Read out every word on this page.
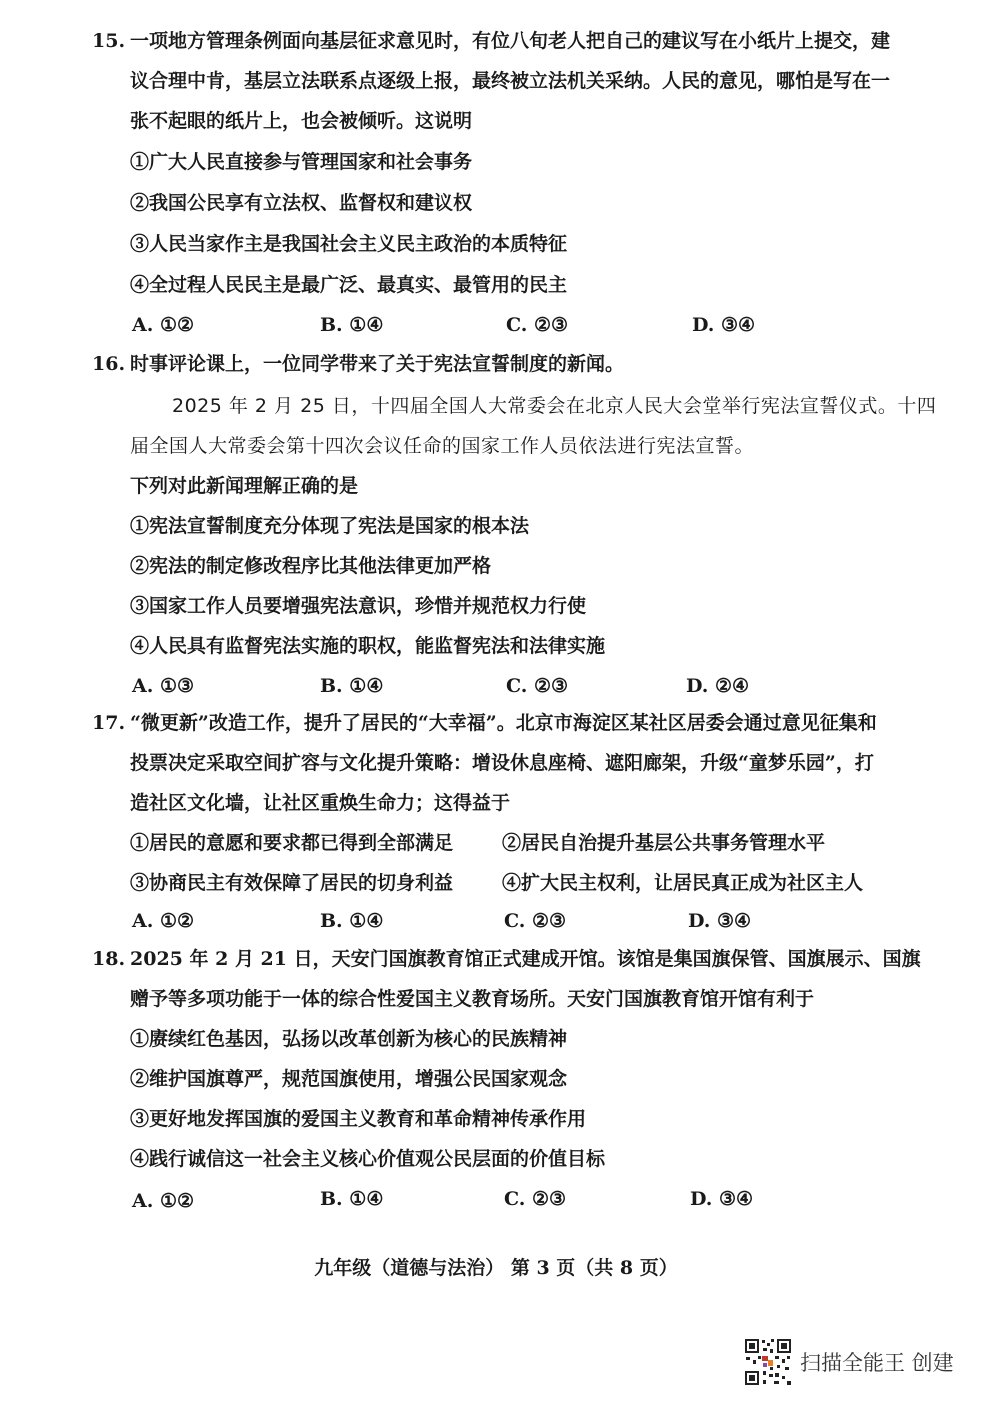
15. 一项地方管理条例面向基层征求意见时，有位八旬老人把自己的建议写在小纸片上提交，建
议合理中肯，基层立法联系点逐级上报，最终被立法机关采纳。人民的意见，哪怕是写在一
张不起眼的纸片上，也会被倾听。这说明
①广大人民直接参与管理国家和社会事务
②我国公民享有立法权、监督权和建议权
③人民当家作主是我国社会主义民主政治的本质特征
④全过程人民民主是最广泛、最真实、最管用的民主
A. ①②	B. ①④	C. ②③	D. ③④
16. 时事评论课上，一位同学带来了关于宪法宣誓制度的新闻。
2025 年 2 月 25 日，十四届全国人大常委会在北京人民大会堂举行宪法宣誓仪式。十四
届全国人大常委会第十四次会议任命的国家工作人员依法进行宪法宣誓。
下列对此新闻理解正确的是
①宪法宣誓制度充分体现了宪法是国家的根本法
②宪法的制定修改程序比其他法律更加严格
③国家工作人员要增强宪法意识，珍惜并规范权力行使
④人民具有监督宪法实施的职权，能监督宪法和法律实施
A. ①③	B. ①④	C. ②③	D. ②④
17. “微更新”改造工作，提升了居民的“大幸福”。北京市海淀区某社区居委会通过意见征集和
投票决定采取空间扩容与文化提升策略：增设休息座椅、遮阳廊架，升级“童梦乐园”，打
造社区文化墙，让社区重焕生命力；这得益于
①居民的意愿和要求都已得到全部满足	②居民自治提升基层公共事务管理水平
③协商民主有效保障了居民的切身利益	④扩大民主权利，让居民真正成为社区主人
A. ①②	B. ①④	C. ②③	D. ③④
18. 2025 年 2 月 21 日，天安门国旗教育馆正式建成开馆。该馆是集国旗保管、国旗展示、国旗
赠予等多项功能于一体的综合性爱国主义教育场所。天安门国旗教育馆开馆有利于
①赓续红色基因，弘扬以改革创新为核心的民族精神
②维护国旗尊严，规范国旗使用，增强公民国家观念
③更好地发挥国旗的爱国主义教育和革命精神传承作用
④践行诚信这一社会主义核心价值观公民层面的价值目标
A. ①②	B. ①④	C. ②③	D. ③④
九年级（道德与法治） 第 3 页（共 8 页）
扫描全能王 创建
